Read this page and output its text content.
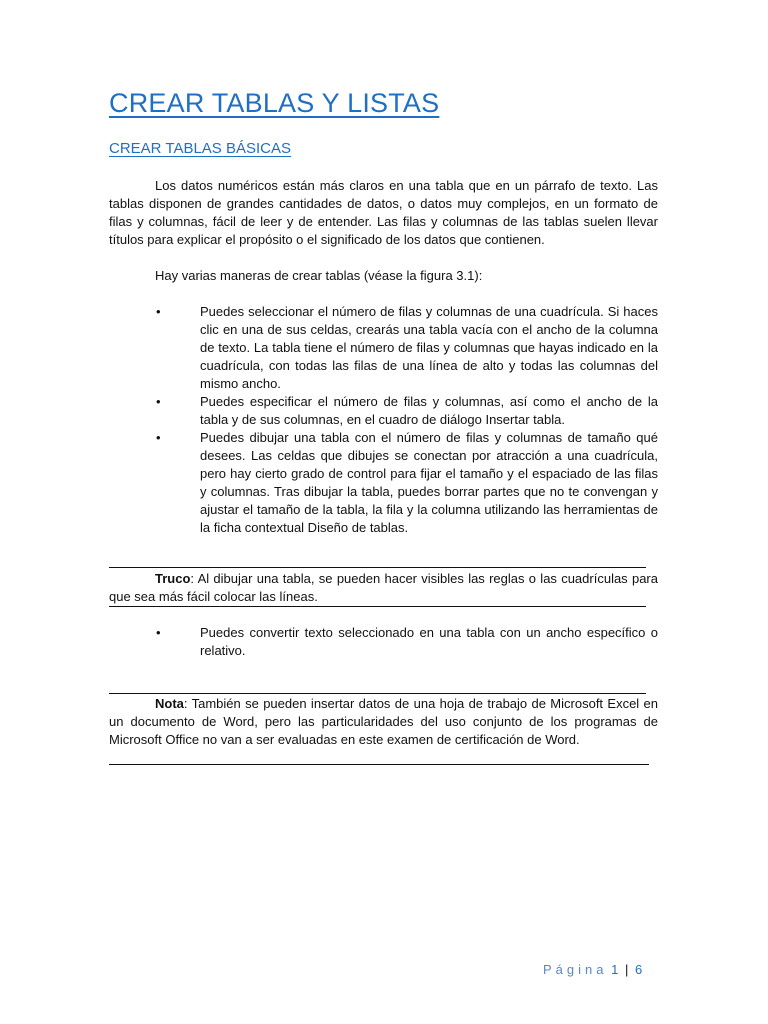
CREAR TABLAS Y LISTAS
CREAR TABLAS BÁSICAS

Los datos numéricos están más claros en una tabla que en un párrafo de texto. Las tablas disponen de grandes cantidades de datos, o datos muy complejos, en un formato de filas y columnas, fácil de leer y de entender. Las filas y columnas de las tablas suelen llevar títulos para explicar el propósito o el significado de los datos que contienen.

Hay varias maneras de crear tablas (véase la figura 3.1):

•	Puedes seleccionar el número de filas y columnas de una cuadrícula. Si haces clic en una de sus celdas, crearás una tabla vacía con el ancho de la columna de texto. La tabla tiene el número de filas y columnas que hayas indicado en la cuadrícula, con todas las filas de una línea de alto y todas las columnas del mismo ancho.
•	Puedes especificar el número de filas y columnas, así como el ancho de la tabla y de sus columnas, en el cuadro de diálogo Insertar tabla.
•	Puedes dibujar una tabla con el número de filas y columnas de tamaño qué desees. Las celdas que dibujes se conectan por atracción a una cuadrícula, pero hay cierto grado de control para fijar el tamaño y el espaciado de las filas y columnas. Tras dibujar la tabla, puedes borrar partes que no te convengan y ajustar el tamaño de la tabla, la fila y la columna utilizando las herramientas de la ficha contextual Diseño de tablas.

Truco: Al dibujar una tabla, se pueden hacer visibles las reglas o las cuadrículas para que sea más fácil colocar las líneas.

•	Puedes convertir texto seleccionado en una tabla con un ancho específico o relativo.

Nota: También se pueden insertar datos de una hoja de trabajo de Microsoft Excel en un documento de Word, pero las particularidades del uso conjunto de los programas de Microsoft Office no van a ser evaluadas en este examen de certificación de Word.

Página 1 | 6
